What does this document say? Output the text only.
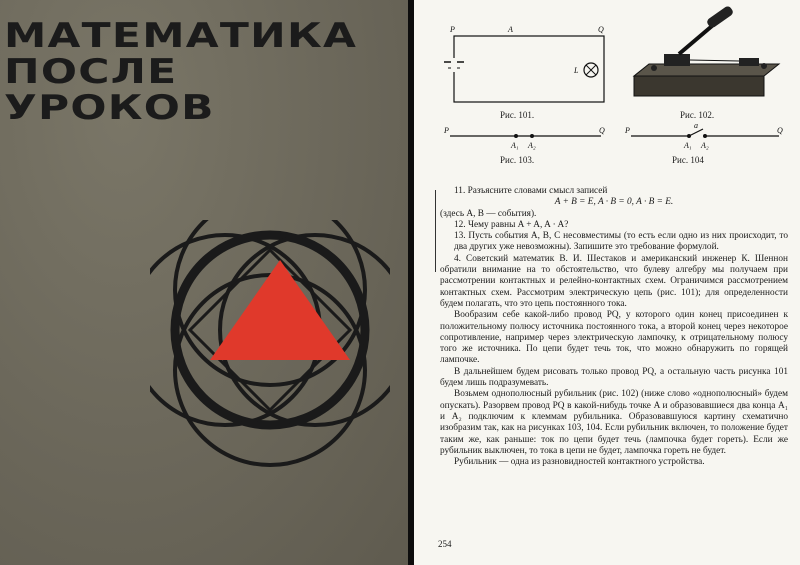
МАТЕМАТИКА
ПОСЛЕ
УРОКОВ
P	A	Q
L
Рис. 101.	Рис. 102.
P	Q
A₁ A₂
Рис. 103.
P	Q
a
A₁ A₂
Рис. 104

11. Разъясните словами смысл записей

A + B = E, A · B = 0, A · B = E.

(здесь A, B — события).

12. Чему равны A + A, A · A?

13. Пусть события A, B, C несовместимы (то есть если одно из них происходит, то два других уже невозможны). Запишите это требование формулой.

4. Советский математик В. И. Шестаков и американский инженер К. Шеннон обратили внимание на то обстоятельство, что булеву алгебру мы получаем при рассмотрении контактных и релейно-контактных схем. Ограничимся рассмотрением контактных схем. Рассмотрим электрическую цепь (рис. 101); для определенности будем полагать, что это цепь постоянного тока.

Вообразим себе какой-либо провод PQ, у которого один конец присоединен к положительному полюсу источника постоянного тока, а второй конец через некоторое сопротивление, например через электрическую лампочку, к отрицательному полюсу того же источника. По цепи будет течь ток, что можно обнаружить по горящей лампочке.

В дальнейшем будем рисовать только провод PQ, а остальную часть рисунка 101 будем лишь подразумевать.

Возьмем однополюсный рубильник (рис. 102) (ниже слово «однополюсный» будем опускать). Разорвем провод PQ в какой-нибудь точке A и образовавшиеся два конца A₁ и A₂ подключим к клеммам рубильника. Образовавшуюся картину схематично изобразим так, как на рисунках 103, 104. Если рубильник включен, то положение будет таким же, как раньше: ток по цепи будет течь (лампочка будет гореть). Если же рубильник выключен, то тока в цепи не будет, лампочка гореть не будет.

Рубильник — одна из разновидностей контактного устройства.

254
